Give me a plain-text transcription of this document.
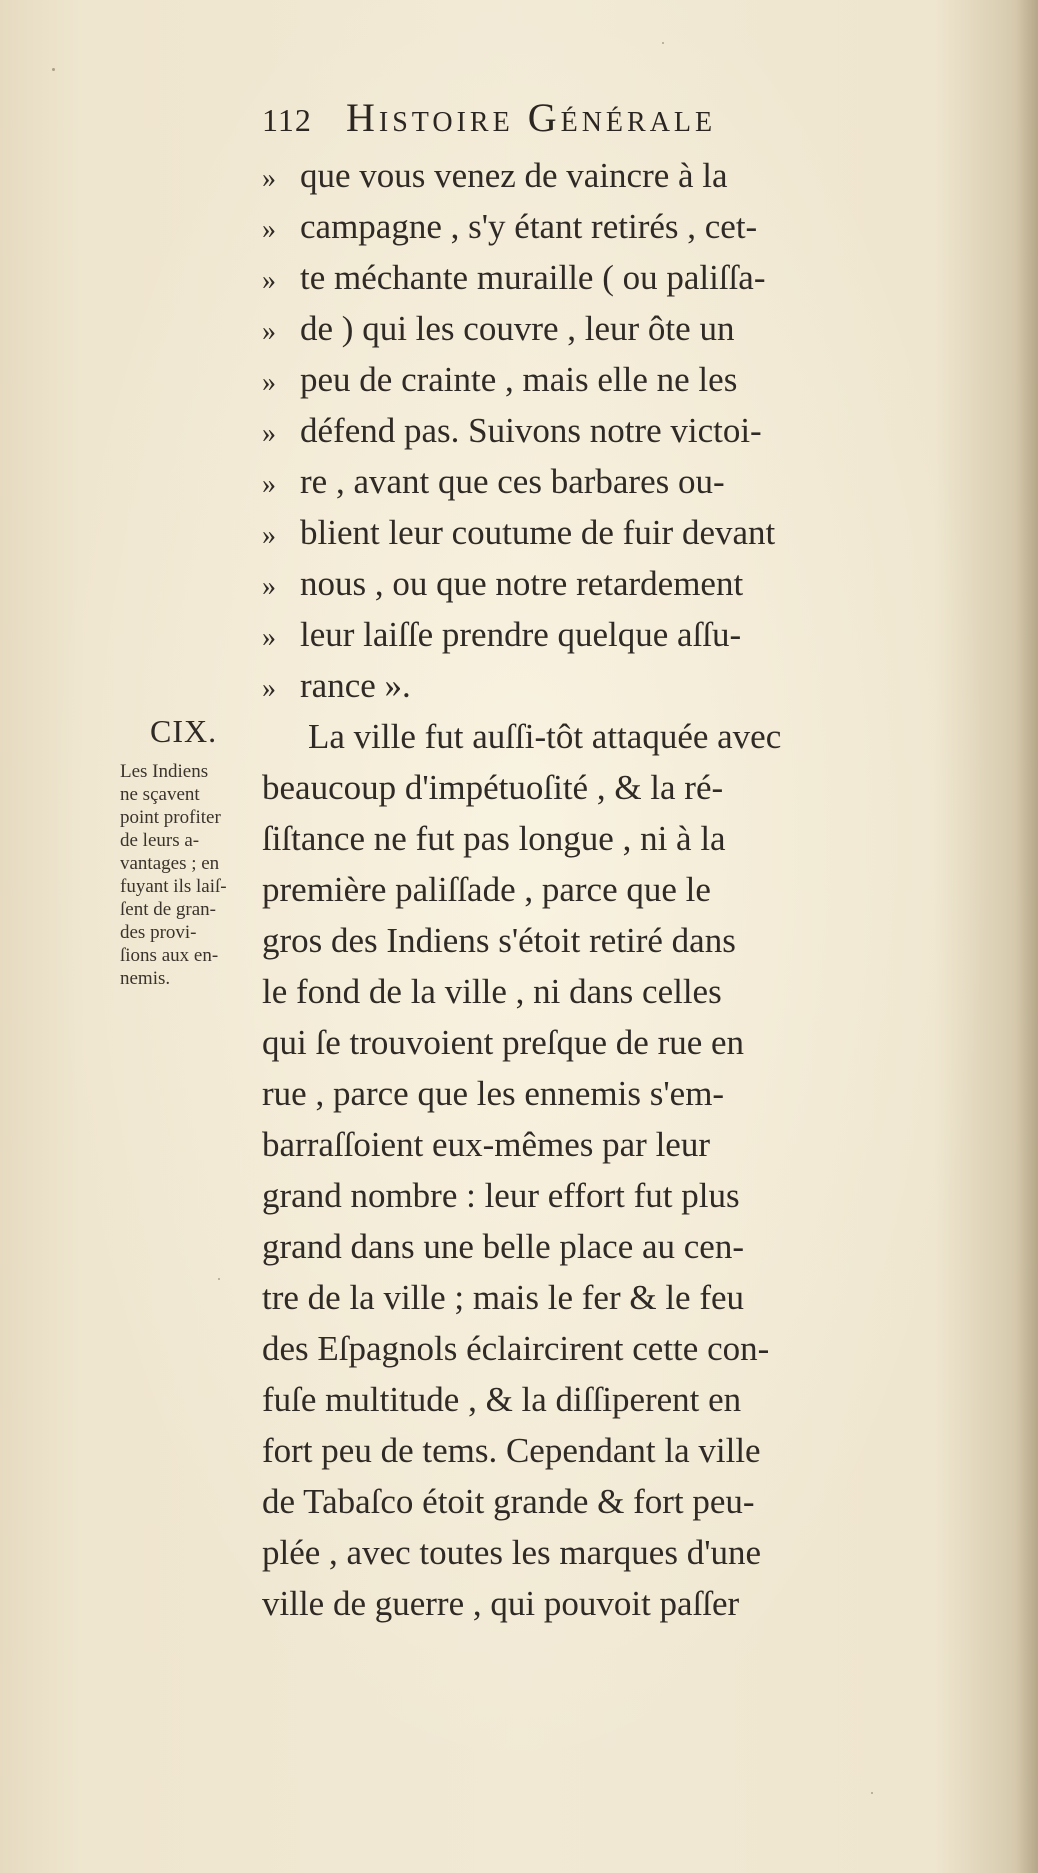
112 Histoire Générale
» que vous venez de vaincre à la
» campagne , s'y étant retirés , cet-
» te méchante muraille ( ou paliſſa-
» de ) qui les couvre , leur ôte un
» peu de crainte , mais elle ne les
» défend pas. Suivons notre victoi-
» re , avant que ces barbares ou-
» blient leur coutume de fuir devant
» nous , ou que notre retardement
» leur laiſſe prendre quelque aſſu-
» rance ».
La ville fut auſſi-tôt attaquée avec
beaucoup d'impétuoſité , & la ré-
ſiſtance ne fut pas longue , ni à la
première paliſſade , parce que le
gros des Indiens s'étoit retiré dans
le fond de la ville , ni dans celles
qui ſe trouvoient preſque de rue en
rue , parce que les ennemis s'em-
barraſſoient eux-mêmes par leur
grand nombre : leur effort fut plus
grand dans une belle place au cen-
tre de la ville ; mais le fer & le feu
des Eſpagnols éclaircirent cette con-
fuſe multitude , & la diſſiperent en
fort peu de tems. Cependant la ville
de Tabaſco étoit grande & fort peu-
plée , avec toutes les marques d'une
ville de guerre , qui pouvoit paſſer
CIX.
Les Indiens
ne sçavent
point profiter
de leurs a-
vantages ; en
fuyant ils laiſ-
ſent de gran-
des provi-
ſions aux en-
nemis.
